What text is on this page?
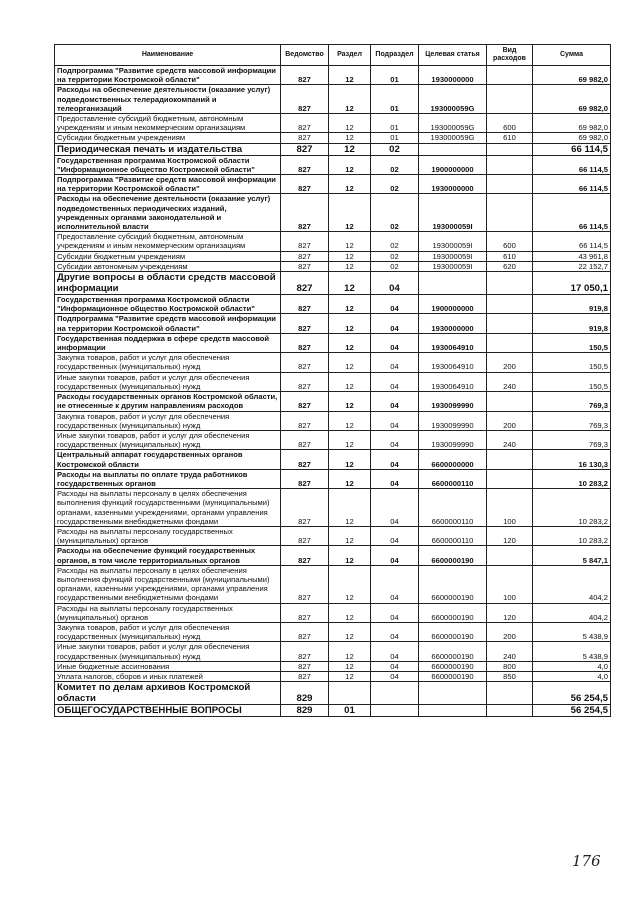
Наименование	Ведомство	Раздел	Подраздел	Целевая статья	Вид расходов	Сумма
Подпрограмма "Развитие средств массовой информации на территории Костромской области"	827	12	01	1930000000		69 982,0
Расходы на обеспечение деятельности (оказание услуг) подведомственных телерадиокомпаний и телеорганизаций	827	12	01	193000059G		69 982,0
Предоставление субсидий бюджетным, автономным учреждениям и иным некоммерческим организациям	827	12	01	193000059G	600	69 982,0
Субсидии бюджетным учреждениям	827	12	01	193000059G	610	69 982,0
Периодическая печать и издательства	827	12	02			66 114,5
Государственная программа Костромской области "Информационное общество Костромской области"	827	12	02	1900000000		66 114,5
Подпрограмма "Развитие средств массовой информации на территории Костромской области"	827	12	02	1930000000		66 114,5
Расходы на обеспечение деятельности (оказание услуг) подведомственных периодических изданий, учрежденных органами законодательной и исполнительной власти	827	12	02	193000059I		66 114,5
Предоставление субсидий бюджетным, автономным учреждениям и иным некоммерческим организациям	827	12	02	193000059I	600	66 114,5
Субсидии бюджетным учреждениям	827	12	02	193000059I	610	43 961,8
Субсидии автономным учреждениям	827	12	02	193000059I	620	22 152,7
Другие вопросы в области средств массовой информации	827	12	04			17 050,1
Государственная программа Костромской области "Информационное общество Костромской области"	827	12	04	1900000000		919,8
Подпрограмма "Развитие средств массовой информации на территории Костромской области"	827	12	04	1930000000		919,8
Государственная поддержка в сфере средств массовой информации	827	12	04	1930064910		150,5
Закупка товаров, работ и услуг для обеспечения государственных (муниципальных) нужд	827	12	04	1930064910	200	150,5
Иные закупки товаров, работ и услуг для обеспечения государственных (муниципальных) нужд	827	12	04	1930064910	240	150,5
Расходы государственных органов Костромской области, не отнесенные к другим направлениям расходов	827	12	04	1930099990		769,3
Закупка товаров, работ и услуг для обеспечения государственных (муниципальных) нужд	827	12	04	1930099990	200	769,3
Иные закупки товаров, работ и услуг для обеспечения государственных (муниципальных) нужд	827	12	04	1930099990	240	769,3
Центральный аппарат государственных органов Костромской области	827	12	04	6600000000		16 130,3
Расходы на выплаты по оплате труда работников государственных органов	827	12	04	6600000110		10 283,2
Расходы на выплаты персоналу в целях обеспечения выполнения функций государственными (муниципальными) органами, казенными учреждениями, органами управления государственными внебюджетными фондами	827	12	04	6600000110	100	10 283,2
Расходы на выплаты персоналу государственных (муниципальных) органов	827	12	04	6600000110	120	10 283,2
Расходы на обеспечение функций государственных органов, в том числе территориальных органов	827	12	04	6600000190		5 847,1
Расходы на выплаты персоналу в целях обеспечения выполнения функций государственными (муниципальными) органами, казенными учреждениями, органами управления государственными внебюджетными фондами	827	12	04	6600000190	100	404,2
Расходы на выплаты персоналу государственных (муниципальных) органов	827	12	04	6600000190	120	404,2
Закупка товаров, работ и услуг для обеспечения государственных (муниципальных) нужд	827	12	04	6600000190	200	5 438,9
Иные закупки товаров, работ и услуг для обеспечения государственных (муниципальных) нужд	827	12	04	6600000190	240	5 438,9
Иные бюджетные ассигнования	827	12	04	6600000190	800	4,0
Уплата налогов, сборов и иных платежей	827	12	04	6600000190	850	4,0
Комитет по делам архивов Костромской области	829					56 254,5
ОБЩЕГОСУДАРСТВЕННЫЕ ВОПРОСЫ	829	01				56 254,5
176
